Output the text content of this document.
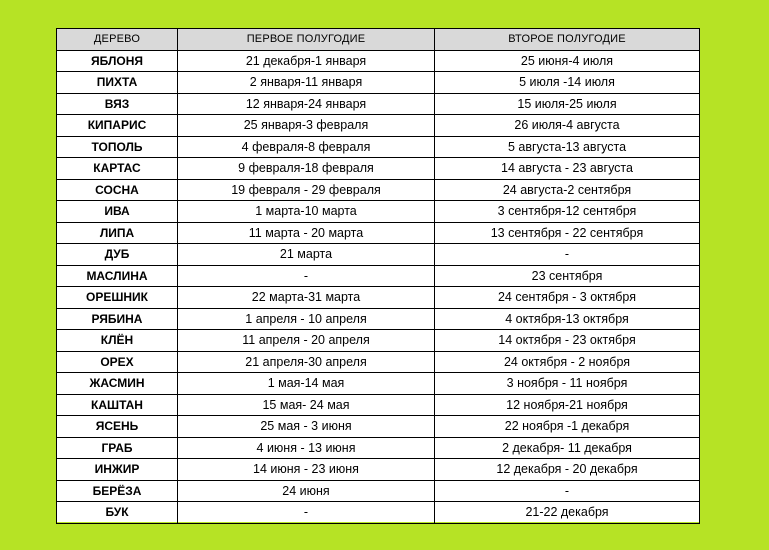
ДЕРЕВО	ПЕРВОЕ ПОЛУГОДИЕ	ВТОРОЕ ПОЛУГОДИЕ
ЯБЛОНЯ	21 декабря-1 января	25 июня-4 июля
ПИХТА	2 января-11 января	5 июля -14 июля
ВЯЗ	12 января-24 января	15 июля-25 июля
КИПАРИС	25 января-3 февраля	26 июля-4 августа
ТОПОЛЬ	4 февраля-8 февраля	5 августа-13 августа
КАРТАС	9 февраля-18 февраля	14 августа - 23 августа
СОСНА	19 февраля - 29 февраля	24 августа-2 сентября
ИВА	1 марта-10 марта	3 сентября-12 сентября
ЛИПА	11 марта - 20 марта	13 сентября - 22 сентября
ДУБ	21 марта	-
МАСЛИНА	-	23 сентября
ОРЕШНИК	22 марта-31 марта	24 сентября - 3 октября
РЯБИНА	1 апреля - 10 апреля	4 октября-13 октября
КЛЁН	11 апреля - 20 апреля	14 октября - 23 октября
ОРЕХ	21 апреля-30 апреля	24 октября - 2 ноября
ЖАСМИН	1 мая-14 мая	3 ноября - 11 ноября
КАШТАН	15 мая- 24 мая	12 ноября-21 ноября
ЯСЕНЬ	25 мая - 3 июня	22 ноября -1 декабря
ГРАБ	4 июня - 13 июня	2 декабря- 11 декабря
ИНЖИР	14 июня - 23 июня	12 декабря - 20 декабря
БЕРЁЗА	24 июня	-
БУК	-	21-22 декабря
